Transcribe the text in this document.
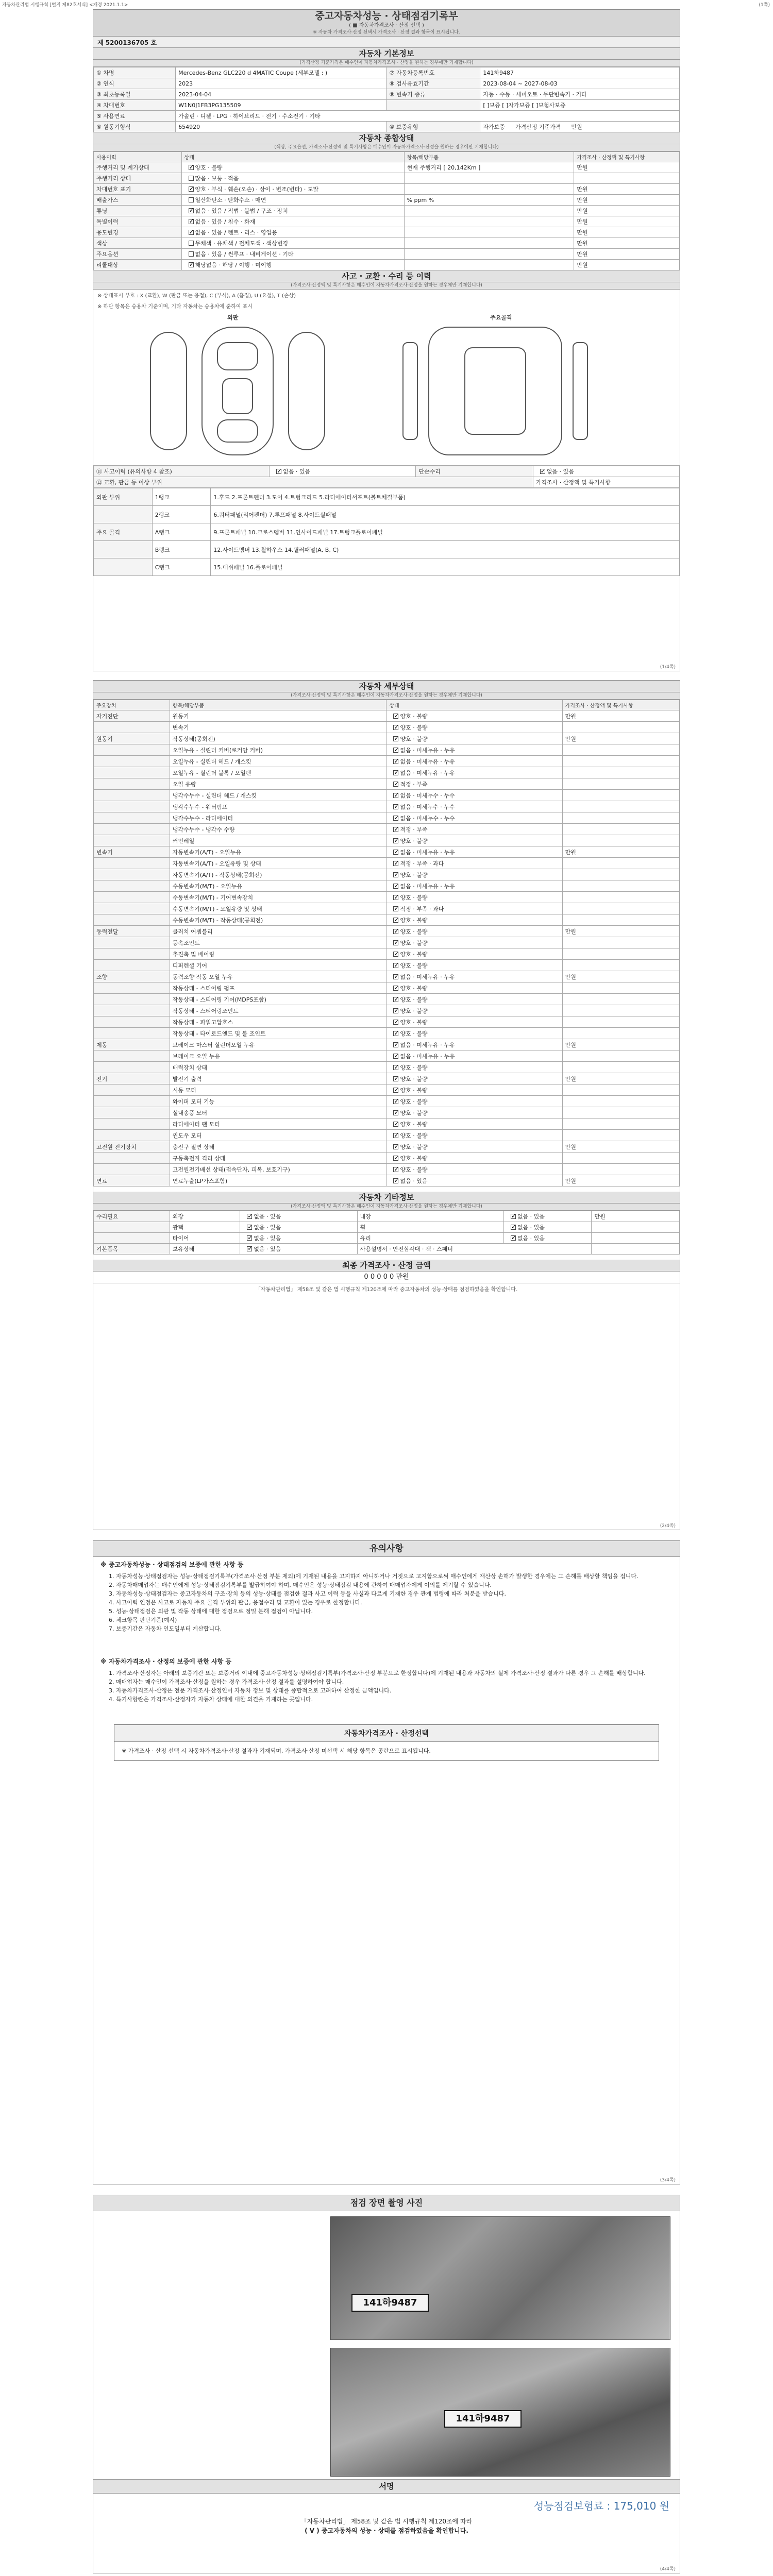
자동차관리법 시행규칙 [별지 제82호서식] <개정 2021.1.1>	(1쪽)
중고자동차성능 · 상태점검기록부
( ■ 자동차가격조사 · 산정 선택 )
※ 자동차 가격조사·산정 선택시 가격조사 · 산정 결과 항목이 표시됩니다.
제 5200136705 호
자동차 기본정보
(가격산정 기준가격은 매수인이 자동차가격조사 · 산정을 원하는 경우에만 기재합니다)
① 차명	Mercedes-Benz GLC220 d 4MATIC Coupe (세부모델 : )	⑦ 자동차등록번호	141하9487
② 연식	2023	⑧ 검사유효기간	2023-08-04 ~ 2027-08-03
③ 최초등록일	2023-04-04	⑨ 변속기 종류	자동 · 수동 · 세미오토 · 무단변속기 · 기타
④ 차대번호	W1N0J1FB3PG135509		[ ]보증 [ ]자가보증 [ ]보험사보증
⑤ 사용연료	가솔린 · 디젤 · LPG · 하이브리드 · 전기 · 수소전기 · 기타		
⑥ 원동기형식	654920	⑩ 보증유형	자가보증 가격산정 기준가격 만원
자동차 종합상태
(색상, 주요옵션, 가격조사·산정액 및 특기사항은 매수인이 자동차가격조사·산정을 원하는 경우에만 기재합니다)
사용이력	상태	항목/해당부품	가격조사 · 산정액 및 특기사항
주행거리 및 계기상태	✓양호 · 불량	현재 주행거리 [ 20,142Km ]	만원
주행거리 상태	많음 · 보통 · 적음		
차대번호 표기	✓양호 · 부식 · 훼손(오손) · 상이 · 변조(변타) · 도말		만원
배출가스	일산화탄소 · 탄화수소 · 매연	% ppm %	만원
튜닝	✓없음 · 있음 / 적법 · 불법 / 구조 · 장치		만원
특별이력	✓없음 · 있음 / 침수 · 화재		만원
용도변경	✓없음 · 있음 / 렌트 · 리스 · 영업용		만원
색상	무채색 · 유채색 / 전체도색 · 색상변경		만원
주요옵션	없음 · 있음 / 썬루프 · 내비게이션 · 기타		만원
리콜대상	✓해당없음 · 해당 / 이행 · 미이행		만원
사고 · 교환 · 수리 등 이력
(가격조사·산정액 및 특기사항은 매수인이 자동차가격조사·산정을 원하는 경우에만 기재합니다)
※ 상태표시 부호 : X (교환), W (판금 또는 용접), C (부식), A (흠집), U (요철), T (손상)
※ 하단 항목은 승용차 기준이며, 기타 자동차는 승용차에 준하여 표시
외판	주요골격
⑪ 사고이력 (유의사항 4 참조)	✓없음 · 있음	단순수리	✓없음 · 있음
⑫ 교환, 판금 등 이상 부위			가격조사 · 산정액 및 특기사항
외판 부위	1랭크	1.후드 2.프론트펜더 3.도어 4.트렁크리드 5.라디에이터서포트(볼트체결부품)
	2랭크	6.쿼터패널(리어펜더) 7.루프패널 8.사이드실패널
주요 골격	A랭크	9.프론트패널 10.크로스멤버 11.인사이드패널 17.트렁크플로어패널
	B랭크	12.사이드멤버 13.휠하우스 14.필러패널(A, B, C)
	C랭크	15.대쉬패널 16.플로어패널
(1/4쪽)
자동차 세부상태
(가격조사·산정액 및 특기사항은 매수인이 자동차가격조사·산정을 원하는 경우에만 기재합니다)
주요장치	항목/해당부품	상태	가격조사 · 산정액 및 특기사항
자기진단	원동기	✓양호 · 불량	만원
	변속기	✓양호 · 불량	
원동기	작동상태(공회전)	✓양호 · 불량	만원
	오일누유 - 실린더 커버(로커암 커버)	✓없음 · 미세누유 · 누유	
	오일누유 - 실린더 헤드 / 개스킷	✓없음 · 미세누유 · 누유	
	오일누유 - 실린더 블록 / 오일팬	✓없음 · 미세누유 · 누유	
	오일 유량	✓적정 · 부족	
	냉각수누수 - 실린더 헤드 / 개스킷	✓없음 · 미세누수 · 누수	
	냉각수누수 - 워터펌프	✓없음 · 미세누수 · 누수	
	냉각수누수 - 라디에이터	✓없음 · 미세누수 · 누수	
	냉각수누수 - 냉각수 수량	✓적정 · 부족	
	커먼레일	✓양호 · 불량	
변속기	자동변속기(A/T) - 오일누유	✓없음 · 미세누유 · 누유	만원
	자동변속기(A/T) - 오일유량 및 상태	✓적정 · 부족 · 과다	
	자동변속기(A/T) - 작동상태(공회전)	✓양호 · 불량	
	수동변속기(M/T) - 오일누유	✓없음 · 미세누유 · 누유	
	수동변속기(M/T) - 기어변속장치	✓양호 · 불량	
	수동변속기(M/T) - 오일유량 및 상태	✓적정 · 부족 · 과다	
	수동변속기(M/T) - 작동상태(공회전)	✓양호 · 불량	
동력전달	클러치 어셈블리	✓양호 · 불량	만원
	등속조인트	✓양호 · 불량	
	추진축 및 베어링	✓양호 · 불량	
	디퍼렌셜 기어	✓양호 · 불량	
조향	동력조향 작동 오일 누유	✓없음 · 미세누유 · 누유	만원
	작동상태 - 스티어링 펌프	✓양호 · 불량	
	작동상태 - 스티어링 기어(MDPS포함)	✓양호 · 불량	
	작동상태 - 스티어링조인트	✓양호 · 불량	
	작동상태 - 파워고압호스	✓양호 · 불량	
	작동상태 - 타이로드엔드 및 볼 조인트	✓양호 · 불량	
제동	브레이크 마스터 실린더오일 누유	✓없음 · 미세누유 · 누유	만원
	브레이크 오일 누유	✓없음 · 미세누유 · 누유	
	배력장치 상태	✓양호 · 불량	
전기	발전기 출력	✓양호 · 불량	만원
	시동 모터	✓양호 · 불량	
	와이퍼 모터 기능	✓양호 · 불량	
	실내송풍 모터	✓양호 · 불량	
	라디에이터 팬 모터	✓양호 · 불량	
	윈도우 모터	✓양호 · 불량	
고전원 전기장치	충전구 절연 상태	✓양호 · 불량	만원
	구동축전지 격리 상태	✓양호 · 불량	
	고전원전기배선 상태(접속단자, 피복, 보호기구)	✓양호 · 불량	
연료	연료누출(LP가스포함)	✓없음 · 있음	만원
자동차 기타정보
(가격조사·산정액 및 특기사항은 매수인이 자동차가격조사·산정을 원하는 경우에만 기재합니다)
수리필요	외장	✓없음 · 있음	내장	✓없음 · 있음	만원
	광택	✓없음 · 있음	휠	✓없음 · 있음	
	타이어	✓없음 · 있음	유리	✓없음 · 있음	
기본품목	보유상태	✓없음 · 있음	사용설명서 · 안전삼각대 · 잭 · 스패너		
최종 가격조사 · 산정 금액
0 0 0 0 0 만원
「자동차관리법」 제58조 및 같은 법 시행규칙 제120조에 따라 중고자동차의 성능·상태를 점검하였음을 확인합니다.
(2/4쪽)
유의사항
※ 중고자동차성능 · 상태점검의 보증에 관한 사항 등

1. 자동차성능·상태점검자는 성능·상태점검기록부(가격조사·산정 부분 제외)에 기재된 내용을 고지하지 아니하거나 거짓으로 고지함으로써 매수인에게 재산상 손해가 발생한 경우에는 그 손해를 배상할 책임을 집니다.

2. 자동차매매업자는 매수인에게 성능·상태점검기록부를 발급하여야 하며, 매수인은 성능·상태점검 내용에 관하여 매매업자에게 이의를 제기할 수 있습니다.

3. 자동차성능·상태점검자는 중고자동차의 구조·장치 등의 성능·상태를 점검한 결과 사고 이력 등을 사실과 다르게 기재한 경우 관계 법령에 따라 처분을 받습니다.

4. 사고이력 인정은 사고로 자동차 주요 골격 부위의 판금, 용접수리 및 교환이 있는 경우로 한정합니다.

5. 성능·상태점검은 외관 및 작동 상태에 대한 점검으로 정밀 분해 점검이 아닙니다.

6. 체크항목 판단기준(예시)

7. 보증기간은 자동차 인도일부터 계산합니다.

※ 자동차가격조사 · 산정의 보증에 관한 사항 등

1. 가격조사·산정자는 아래의 보증기간 또는 보증거리 이내에 중고자동차성능·상태점검기록부(가격조사·산정 부분으로 한정합니다)에 기재된 내용과 자동차의 실제 가격조사·산정 결과가 다른 경우 그 손해를 배상합니다.

2. 매매업자는 매수인이 가격조사·산정을 원하는 경우 가격조사·산정 결과를 설명하여야 합니다.

3. 자동차가격조사·산정은 전문 가격조사·산정인이 자동차 정보 및 상태를 종합적으로 고려하여 산정한 금액입니다.

4. 특기사항란은 가격조사·산정자가 자동차 상태에 대한 의견을 기재하는 곳입니다.

자동차가격조사 · 산정선택
※ 가격조사 · 산정 선택 시 자동차가격조사·산정 결과가 기재되며, 가격조사·산정 미선택 시 해당 항목은 공란으로 표시됩니다.
(3/4쪽)
점검 장면 촬영 사진
141하9487
141하9487
서명
성능점검보험료 : 175,010 원
「자동차관리법」 제58조 및 같은 법 시행규칙 제120조에 따라
( V ) 중고자동차의 성능 · 상태를 점검하였음을 확인합니다.
(4/4쪽)
